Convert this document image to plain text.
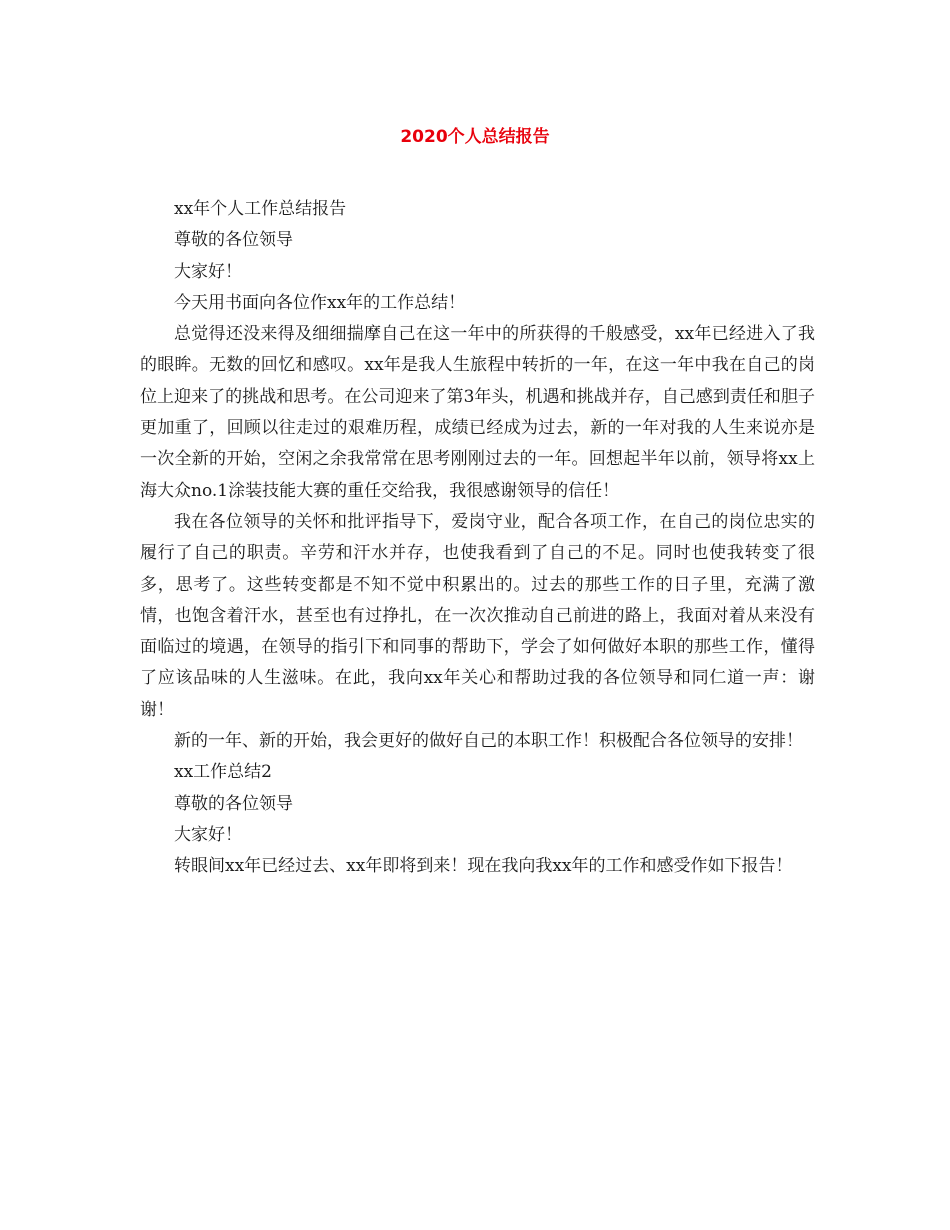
2020个人总结报告

xx年个人工作总结报告

尊敬的各位领导

大家好！

今天用书面向各位作xx年的工作总结！

总觉得还没来得及细细揣摩自己在这一年中的所获得的千般感受，xx年已经进入了我的眼眸。无数的回忆和感叹。xx年是我人生旅程中转折的一年，在这一年中我在自己的岗位上迎来了的挑战和思考。在公司迎来了第3年头，机遇和挑战并存，自己感到责任和胆子更加重了，回顾以往走过的艰难历程，成绩已经成为过去，新的一年对我的人生来说亦是一次全新的开始，空闲之余我常常在思考刚刚过去的一年。回想起半年以前，领导将xx上海大众no.1涂装技能大赛的重任交给我，我很感谢领导的信任！

我在各位领导的关怀和批评指导下，爱岗守业，配合各项工作，在自己的岗位忠实的履行了自己的职责。辛劳和汗水并存，也使我看到了自己的不足。同时也使我转变了很多，思考了。这些转变都是不知不觉中积累出的。过去的那些工作的日子里，充满了激情，也饱含着汗水，甚至也有过挣扎，在一次次推动自己前进的路上，我面对着从来没有面临过的境遇，在领导的指引下和同事的帮助下，学会了如何做好本职的那些工作，懂得了应该品味的人生滋味。在此，我向xx年关心和帮助过我的各位领导和同仁道一声：谢谢！

新的一年、新的开始，我会更好的做好自己的本职工作！积极配合各位领导的安排！

xx工作总结2

尊敬的各位领导

大家好！

转眼间xx年已经过去、xx年即将到来！现在我向我xx年的工作和感受作如下报告！
